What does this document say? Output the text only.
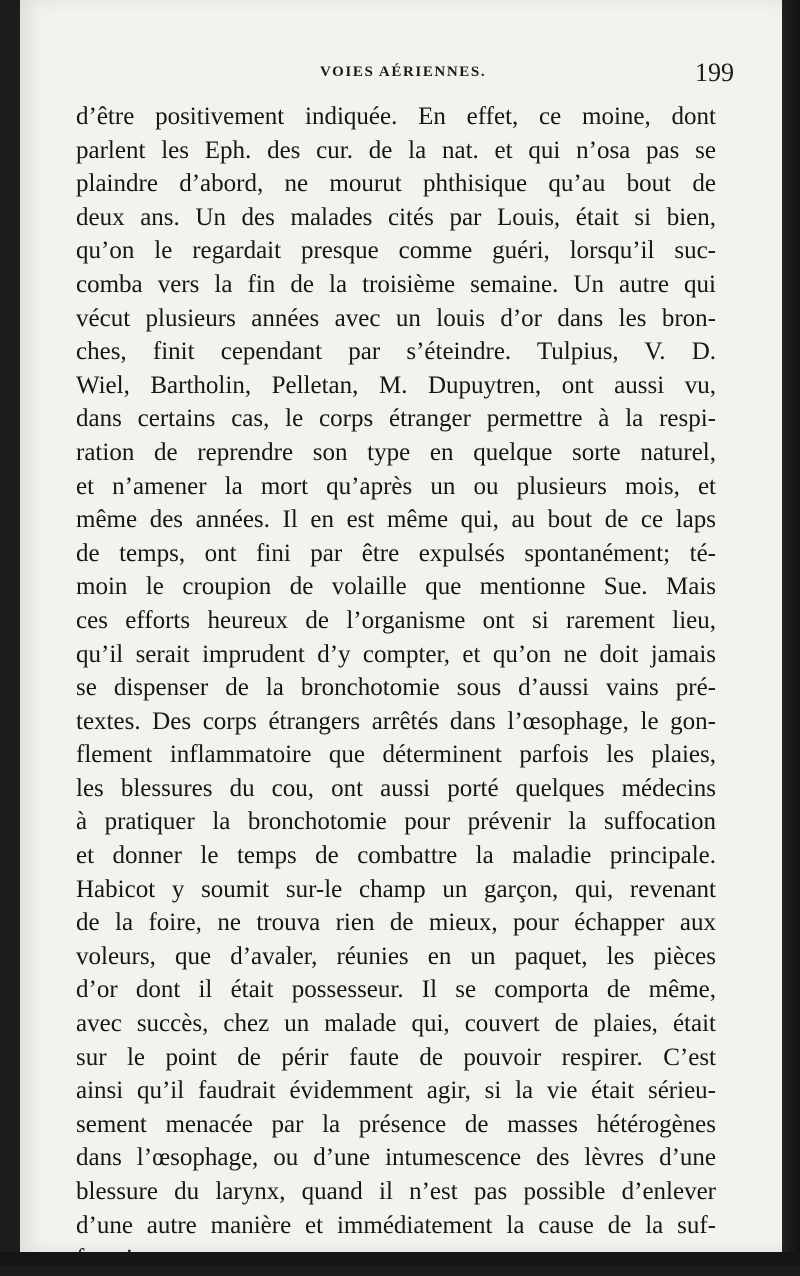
VOIES AÉRIENNES.	199
d’être positivement indiquée. En effet, ce moine, dont
parlent les Eph. des cur. de la nat. et qui n’osa pas se
plaindre d’abord, ne mourut phthisique qu’au bout de
deux ans. Un des malades cités par Louis, était si bien,
qu’on le regardait presque comme guéri, lorsqu’il suc-
comba vers la fin de la troisième semaine. Un autre qui
vécut plusieurs années avec un louis d’or dans les bron-
ches, finit cependant par s’éteindre. Tulpius, V. D.
Wiel, Bartholin, Pelletan, M. Dupuytren, ont aussi vu,
dans certains cas, le corps étranger permettre à la respi-
ration de reprendre son type en quelque sorte naturel,
et n’amener la mort qu’après un ou plusieurs mois, et
même des années. Il en est même qui, au bout de ce laps
de temps, ont fini par être expulsés spontanément; té-
moin le croupion de volaille que mentionne Sue. Mais
ces efforts heureux de l’organisme ont si rarement lieu,
qu’il serait imprudent d’y compter, et qu’on ne doit jamais
se dispenser de la bronchotomie sous d’aussi vains pré-
textes. Des corps étrangers arrêtés dans l’œsophage, le gon-
flement inflammatoire que déterminent parfois les plaies,
les blessures du cou, ont aussi porté quelques médecins
à pratiquer la bronchotomie pour prévenir la suffocation
et donner le temps de combattre la maladie principale.
Habicot y soumit sur-le champ un garçon, qui, revenant
de la foire, ne trouva rien de mieux, pour échapper aux
voleurs, que d’avaler, réunies en un paquet, les pièces
d’or dont il était possesseur. Il se comporta de même,
avec succès, chez un malade qui, couvert de plaies, était
sur le point de périr faute de pouvoir respirer. C’est
ainsi qu’il faudrait évidemment agir, si la vie était sérieu-
sement menacée par la présence de masses hétérogènes
dans l’œsophage, ou d’une intumescence des lèvres d’une
blessure du larynx, quand il n’est pas possible d’enlever
d’une autre manière et immédiatement la cause de la suf-
focation.
